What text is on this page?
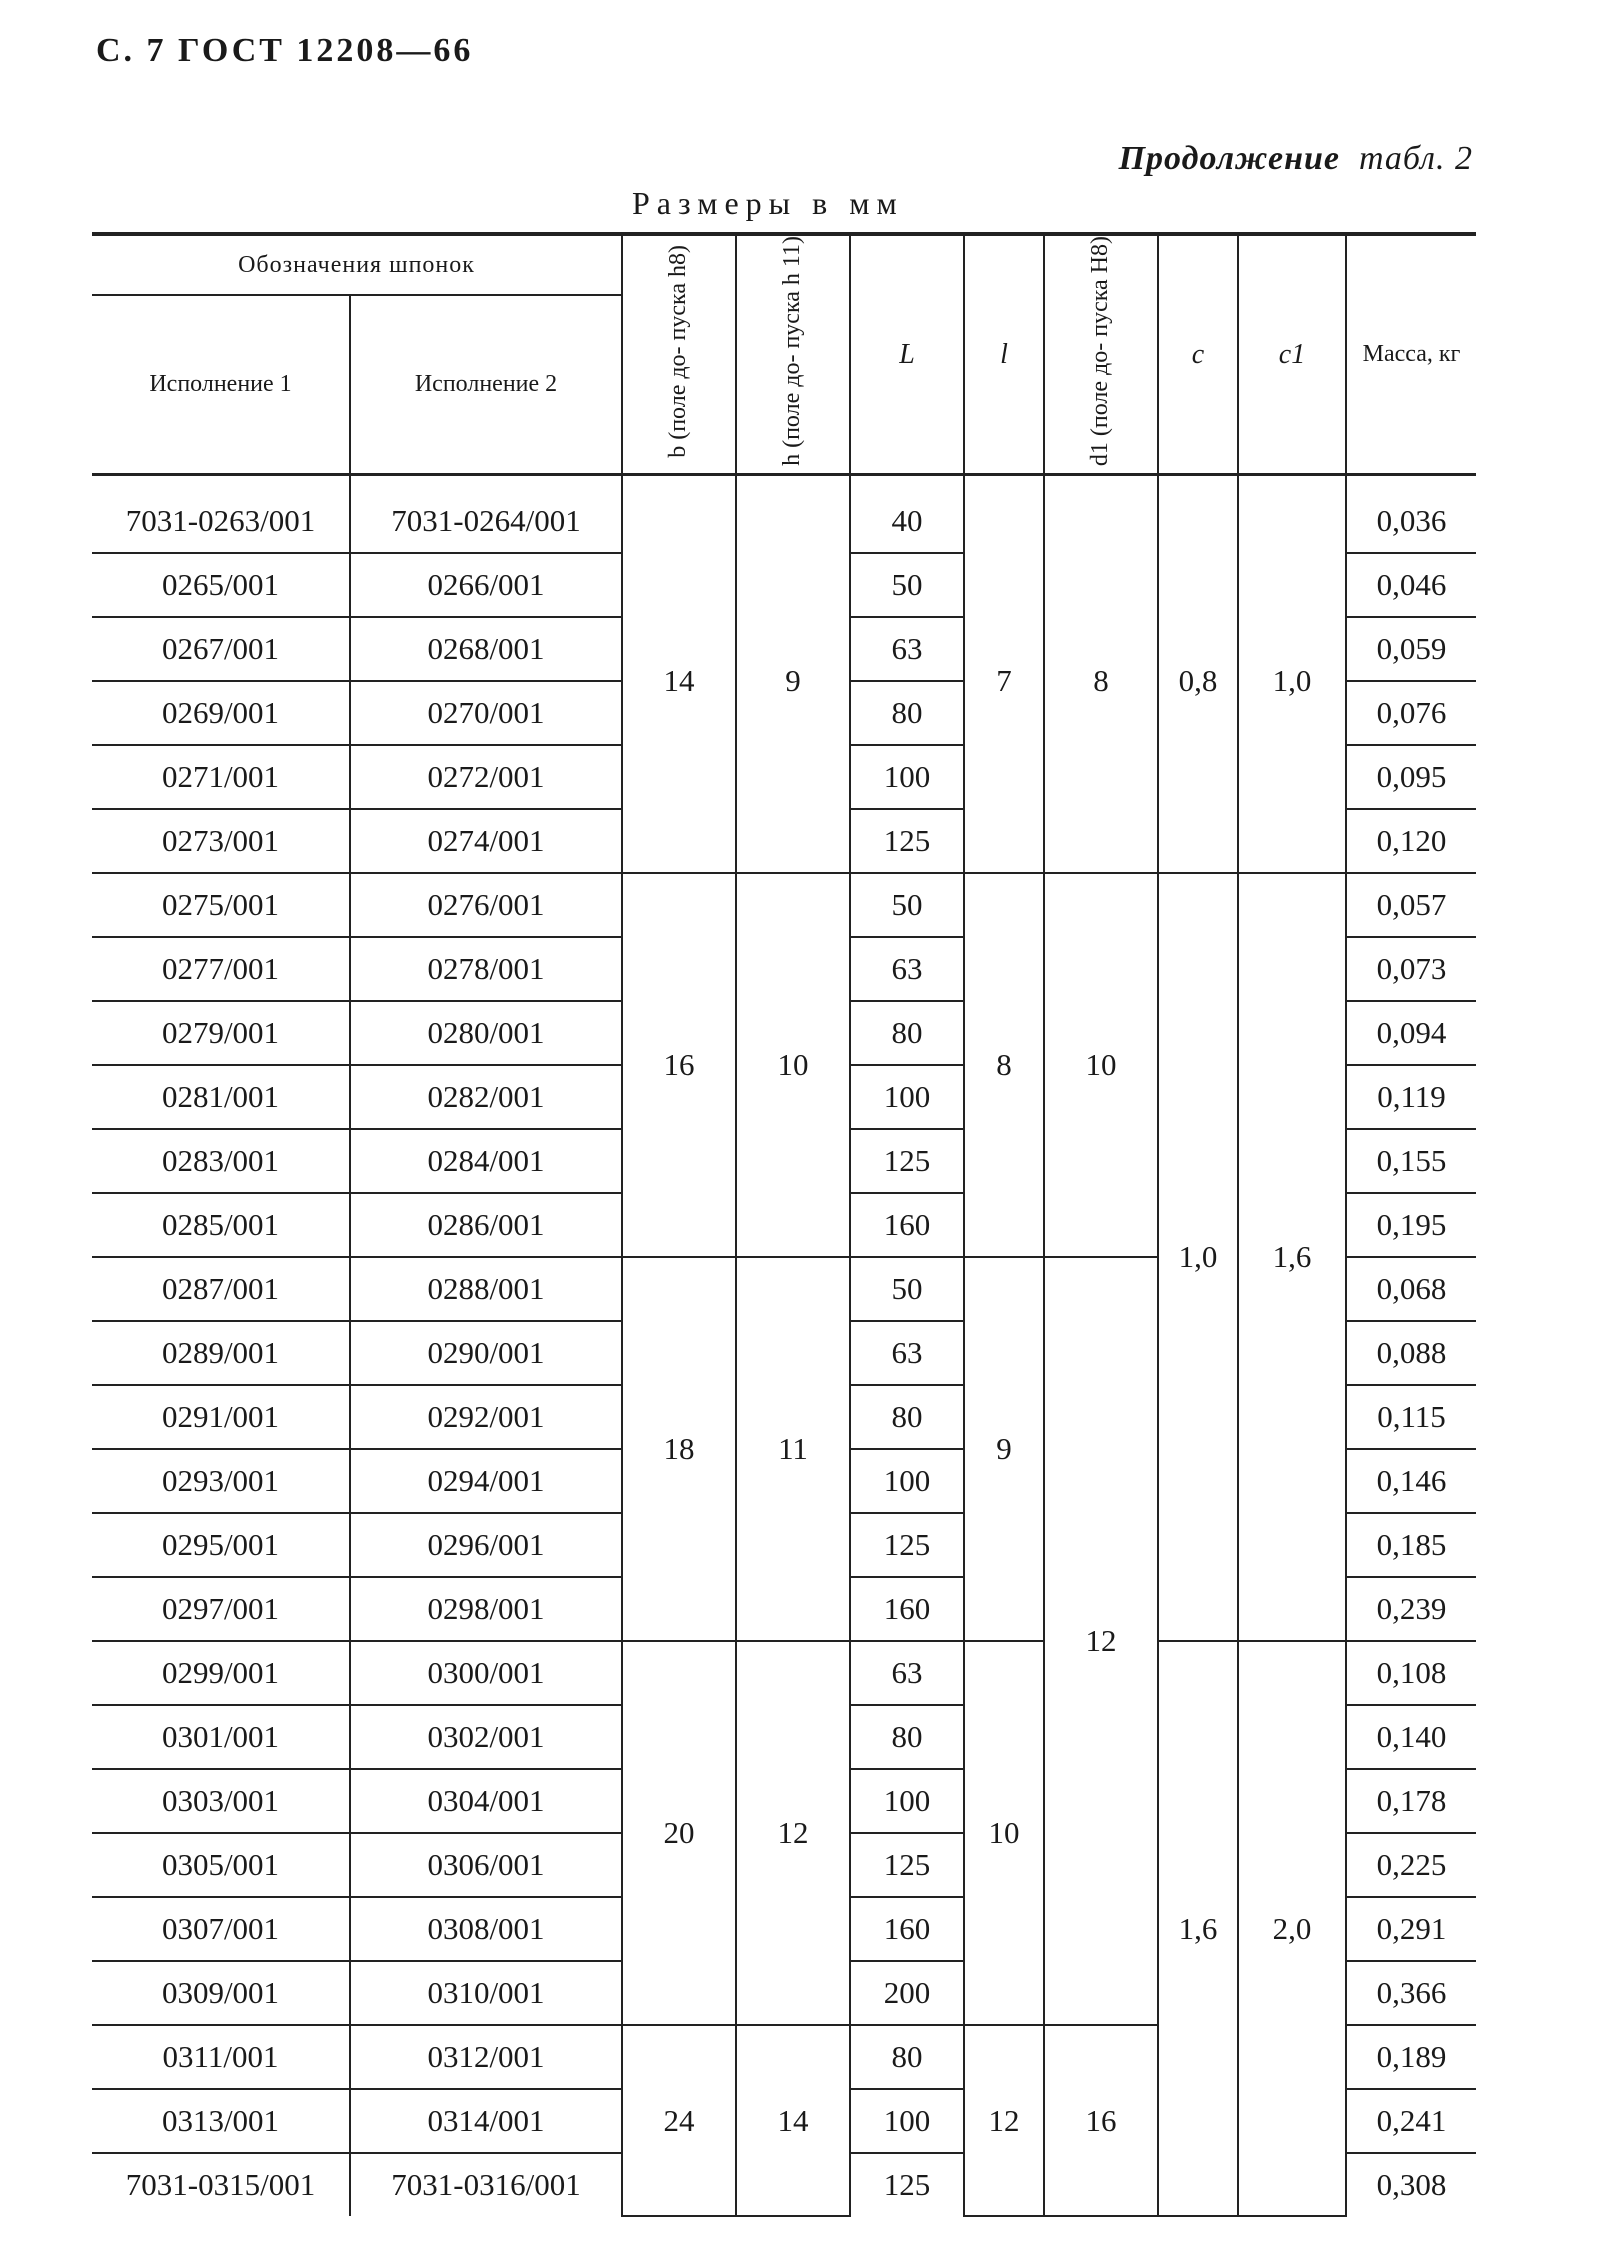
С. 7 ГОСТ 12208—66
Продолжение табл. 2
Размеры в мм
Обозначения шпонок		b (поле до- пуска h8)	h (поле до- пуска h 11)	L	l	d1 (поле до- пуска H8)	c	c1	Масса, кг
Исполнение 1	Исполнение 2								

7031-0263/001	7031-0264/001	14	9	40	7	8	0,8	1,0	0,036
0265/001	0266/001			50					0,046
0267/001	0268/001			63					0,059
0269/001	0270/001			80					0,076
0271/001	0272/001			100					0,095
0273/001	0274/001			125					0,120
0275/001	0276/001	16	10	50	8	10	1,0	1,6	0,057
0277/001	0278/001			63					0,073
0279/001	0280/001			80					0,094
0281/001	0282/001			100					0,119
0283/001	0284/001			125					0,155
0285/001	0286/001			160					0,195
0287/001	0288/001	18	11	50	9	12			0,068
0289/001	0290/001			63					0,088
0291/001	0292/001			80					0,115
0293/001	0294/001			100					0,146
0295/001	0296/001			125					0,185
0297/001	0298/001			160					0,239
0299/001	0300/001	20	12	63	10		1,6	2,0	0,108
0301/001	0302/001			80					0,140
0303/001	0304/001			100					0,178
0305/001	0306/001			125					0,225
0307/001	0308/001			160					0,291
0309/001	0310/001			200					0,366
0311/001	0312/001	24	14	80	12	16			0,189
0313/001	0314/001			100					0,241
7031-0315/001	7031-0316/001			125					0,308
